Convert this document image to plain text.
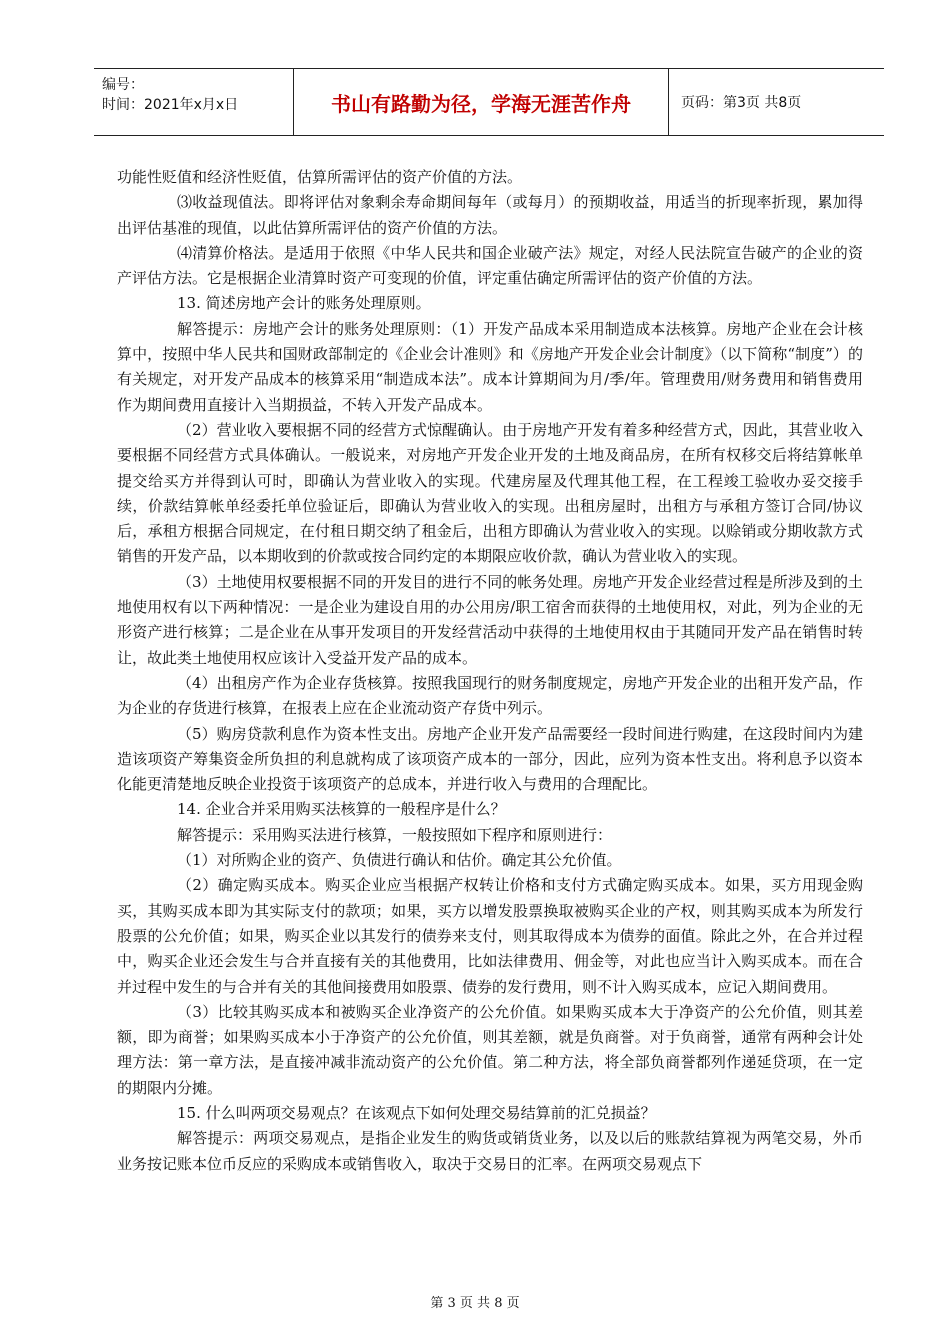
编号：
时间：2021年x月x日	书山有路勤为径，学海无涯苦作舟	页码：第3页 共8页

功能性贬值和经济性贬值，估算所需评估的资产价值的方法。

⑶收益现值法。即将评估对象剩余寿命期间每年（或每月）的预期收益，用适当的折现率折现，累加得出评估基准的现值，以此估算所需评估的资产价值的方法。

⑷清算价格法。是适用于依照《中华人民共和国企业破产法》规定，对经人民法院宣告破产的企业的资产评估方法。它是根据企业清算时资产可变现的价值，评定重估确定所需评估的资产价值的方法。

13. 简述房地产会计的账务处理原则。

解答提示：房地产会计的账务处理原则：（1）开发产品成本采用制造成本法核算。房地产企业在会计核算中，按照中华人民共和国财政部制定的《企业会计准则》和《房地产开发企业会计制度》（以下简称“制度”）的有关规定，对开发产品成本的核算采用“制造成本法”。成本计算期间为月/季/年。管理费用/财务费用和销售费用作为期间费用直接计入当期损益，不转入开发产品成本。

（2）营业收入要根据不同的经营方式惊醒确认。由于房地产开发有着多种经营方式，因此，其营业收入要根据不同经营方式具体确认。一般说来，对房地产开发企业开发的土地及商品房，在所有权移交后将结算帐单提交给买方并得到认可时，即确认为营业收入的实现。代建房屋及代理其他工程，在工程竣工验收办妥交接手续，价款结算帐单经委托单位验证后，即确认为营业收入的实现。出租房屋时，出租方与承租方签订合同/协议后，承租方根据合同规定，在付租日期交纳了租金后，出租方即确认为营业收入的实现。以赊销或分期收款方式销售的开发产品，以本期收到的价款或按合同约定的本期限应收价款，确认为营业收入的实现。

（3）土地使用权要根据不同的开发目的进行不同的帐务处理。房地产开发企业经营过程是所涉及到的土地使用权有以下两种情况：一是企业为建设自用的办公用房/职工宿舍而获得的土地使用权，对此，列为企业的无形资产进行核算；二是企业在从事开发项目的开发经营活动中获得的土地使用权由于其随同开发产品在销售时转让，故此类土地使用权应该计入受益开发产品的成本。

（4）出租房产作为企业存货核算。按照我国现行的财务制度规定，房地产开发企业的出租开发产品，作为企业的存货进行核算，在报表上应在企业流动资产存货中列示。

（5）购房贷款利息作为资本性支出。房地产企业开发产品需要经一段时间进行购建，在这段时间内为建造该项资产筹集资金所负担的利息就构成了该项资产成本的一部分，因此，应列为资本性支出。将利息予以资本化能更清楚地反映企业投资于该项资产的总成本，并进行收入与费用的合理配比。

14. 企业合并采用购买法核算的一般程序是什么？

解答提示：采用购买法进行核算，一般按照如下程序和原则进行：

（1）对所购企业的资产、负债进行确认和估价。确定其公允价值。

（2）确定购买成本。购买企业应当根据产权转让价格和支付方式确定购买成本。如果，买方用现金购买，其购买成本即为其实际支付的款项；如果，买方以增发股票换取被购买企业的产权，则其购买成本为所发行股票的公允价值；如果，购买企业以其发行的债券来支付，则其取得成本为债券的面值。除此之外，在合并过程中，购买企业还会发生与合并直接有关的其他费用，比如法律费用、佣金等，对此也应当计入购买成本。而在合并过程中发生的与合并有关的其他间接费用如股票、债券的发行费用，则不计入购买成本，应记入期间费用。

（3）比较其购买成本和被购买企业净资产的公允价值。如果购买成本大于净资产的公允价值，则其差额，即为商誉；如果购买成本小于净资产的公允价值，则其差额，就是负商誉。对于负商誉，通常有两种会计处理方法：第一章方法，是直接冲减非流动资产的公允价值。第二种方法，将全部负商誉都列作递延贷项，在一定的期限内分摊。

15. 什么叫两项交易观点？在该观点下如何处理交易结算前的汇兑损益？

解答提示：两项交易观点，是指企业发生的购货或销货业务，以及以后的账款结算视为两笔交易，外币业务按记账本位币反应的采购成本或销售收入，取决于交易日的汇率。在两项交易观点下

第 3 页 共 8 页
